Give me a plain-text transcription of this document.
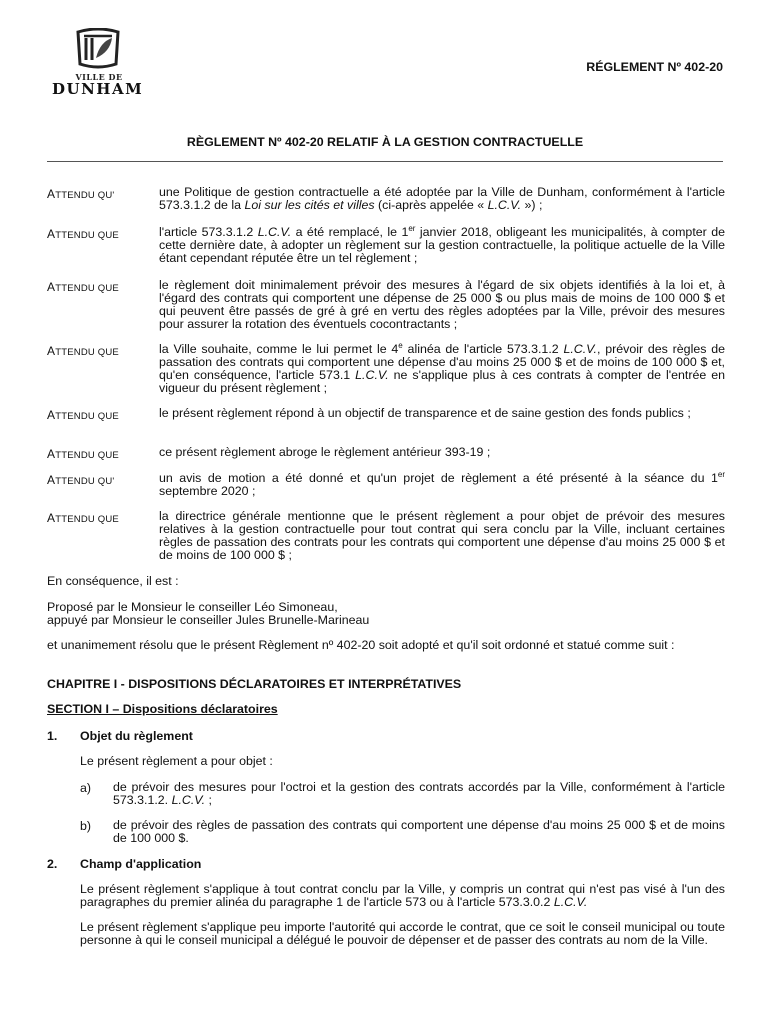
VILLE DE
DUNHAM
RÉGLEMENT Nº 402-20
RÈGLEMENT Nº 402-20 RELATIF À LA GESTION CONTRACTUELLE
ATTENDU QU'	une Politique de gestion contractuelle a été adoptée par la Ville de Dunham, conformément à l'article 573.3.1.2 de la Loi sur les cités et villes (ci-après appelée « L.C.V. ») ;
ATTENDU QUE	l'article 573.3.1.2 L.C.V. a été remplacé, le 1er janvier 2018, obligeant les municipalités, à compter de cette dernière date, à adopter un règlement sur la gestion contractuelle, la politique actuelle de la Ville étant cependant réputée être un tel règlement ;
ATTENDU QUE	le règlement doit minimalement prévoir des mesures à l'égard de six objets identifiés à la loi et, à l'égard des contrats qui comportent une dépense de 25 000 $ ou plus mais de moins de 100 000 $ et qui peuvent être passés de gré à gré en vertu des règles adoptées par la Ville, prévoir des mesures pour assurer la rotation des éventuels cocontractants ;
ATTENDU QUE	la Ville souhaite, comme le lui permet le 4e alinéa de l'article 573.3.1.2 L.C.V., prévoir des règles de passation des contrats qui comportent une dépense d'au moins 25 000 $ et de moins de 100 000 $ et, qu'en conséquence, l'article 573.1 L.C.V. ne s'applique plus à ces contrats à compter de l'entrée en vigueur du présent règlement ;
ATTENDU QUE	le présent règlement répond à un objectif de transparence et de saine gestion des fonds publics ;
ATTENDU QUE	ce présent règlement abroge le règlement antérieur 393-19 ;
ATTENDU QU'	un avis de motion a été donné et qu'un projet de règlement a été présenté à la séance du 1er septembre 2020 ;
ATTENDU QUE	la directrice générale mentionne que le présent règlement a pour objet de prévoir des mesures relatives à la gestion contractuelle pour tout contrat qui sera conclu par la Ville, incluant certaines règles de passation des contrats pour les contrats qui comportent une dépense d'au moins 25 000 $ et de moins de 100 000 $ ;
En conséquence, il est :
Proposé par le Monsieur le conseiller Léo Simoneau,
appuyé par Monsieur le conseiller Jules Brunelle-Marineau
et unanimement résolu que le présent Règlement nº 402-20 soit adopté et qu'il soit ordonné et statué comme suit :
CHAPITRE I - DISPOSITIONS DÉCLARATOIRES ET INTERPRÉTATIVES
SECTION I – Dispositions déclaratoires
1. Objet du règlement
Le présent règlement a pour objet :
a) de prévoir des mesures pour l'octroi et la gestion des contrats accordés par la Ville, conformément à l'article 573.3.1.2. L.C.V. ;
b) de prévoir des règles de passation des contrats qui comportent une dépense d'au moins 25 000 $ et de moins de 100 000 $.
2. Champ d'application
Le présent règlement s'applique à tout contrat conclu par la Ville, y compris un contrat qui n'est pas visé à l'un des paragraphes du premier alinéa du paragraphe 1 de l'article 573 ou à l'article 573.3.0.2 L.C.V.
Le présent règlement s'applique peu importe l'autorité qui accorde le contrat, que ce soit le conseil municipal ou toute personne à qui le conseil municipal a délégué le pouvoir de dépenser et de passer des contrats au nom de la Ville.
